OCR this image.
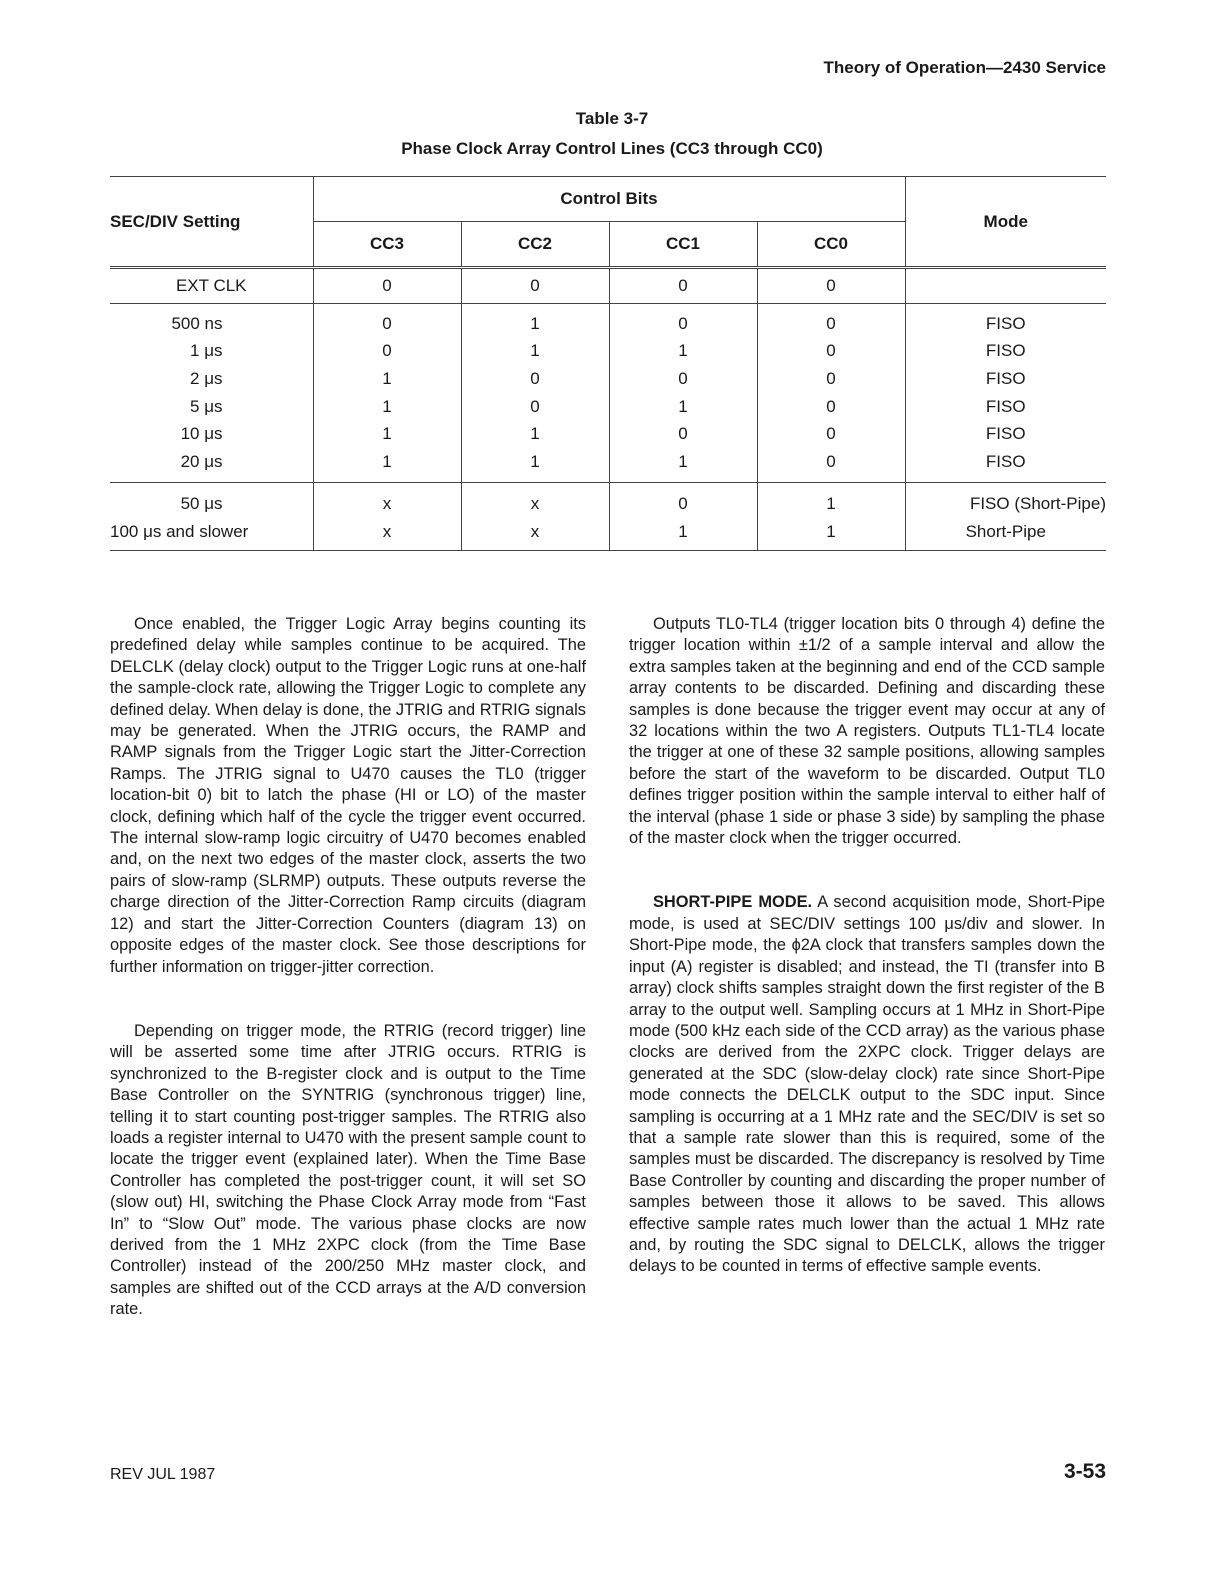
Theory of Operation—2430 Service
Table 3-7
Phase Clock Array Control Lines (CC3 through CC0)
SEC/DIV Setting	Control Bits				Mode
	CC3	CC2	CC1	CC0	
EXT CLK	0	0	0	0	
500 ns	0	1	0	0	FISO
1 μs	0	1	1	0	FISO
2 μs	1	0	0	0	FISO
5 μs	1	0	1	0	FISO
10 μs	1	1	0	0	FISO
20 μs	1	1	1	0	FISO
50 μs	x	x	0	1	FISO (Short-Pipe)
100 μs and slower	x	x	1	1	Short-Pipe

Once enabled, the Trigger Logic Array begins counting its predefined delay while samples continue to be acquired. The DELCLK (delay clock) output to the Trigger Logic runs at one-half the sample-clock rate, allowing the Trigger Logic to complete any defined delay. When delay is done, the JTRIG and RTRIG signals may be generated. When the JTRIG occurs, the RAMP and RAMP signals from the Trigger Logic start the Jitter-Correction Ramps. The JTRIG signal to U470 causes the TL0 (trigger location-bit 0) bit to latch the phase (HI or LO) of the master clock, defining which half of the cycle the trigger event occurred. The internal slow-ramp logic circuitry of U470 becomes enabled and, on the next two edges of the master clock, asserts the two pairs of slow-ramp (SLRMP) outputs. These outputs reverse the charge direction of the Jitter-Correction Ramp circuits (diagram 12) and start the Jitter-Correction Counters (diagram 13) on opposite edges of the master clock. See those descriptions for further information on trigger-jitter correction.

Depending on trigger mode, the RTRIG (record trigger) line will be asserted some time after JTRIG occurs. RTRIG is synchronized to the B-register clock and is output to the Time Base Controller on the SYNTRIG (synchronous trigger) line, telling it to start counting post-trigger samples. The RTRIG also loads a register internal to U470 with the present sample count to locate the trigger event (explained later). When the Time Base Controller has completed the post-trigger count, it will set SO (slow out) HI, switching the Phase Clock Array mode from “Fast In” to “Slow Out” mode. The various phase clocks are now derived from the 1 MHz 2XPC clock (from the Time Base Controller) instead of the 200/250 MHz master clock, and samples are shifted out of the CCD arrays at the A/D conversion rate.

Outputs TL0-TL4 (trigger location bits 0 through 4) define the trigger location within ±1/2 of a sample interval and allow the extra samples taken at the beginning and end of the CCD sample array contents to be discarded. Defining and discarding these samples is done because the trigger event may occur at any of 32 locations within the two A registers. Outputs TL1-TL4 locate the trigger at one of these 32 sample positions, allowing samples before the start of the waveform to be discarded. Output TL0 defines trigger position within the sample interval to either half of the interval (phase 1 side or phase 3 side) by sampling the phase of the master clock when the trigger occurred.

SHORT-PIPE MODE. A second acquisition mode, Short-Pipe mode, is used at SEC/DIV settings 100 μs/div and slower. In Short-Pipe mode, the ϕ2A clock that transfers samples down the input (A) register is disabled; and instead, the TI (transfer into B array) clock shifts samples straight down the first register of the B array to the output well. Sampling occurs at 1 MHz in Short-Pipe mode (500 kHz each side of the CCD array) as the various phase clocks are derived from the 2XPC clock. Trigger delays are generated at the SDC (slow-delay clock) rate since Short-Pipe mode connects the DELCLK output to the SDC input. Since sampling is occurring at a 1 MHz rate and the SEC/DIV is set so that a sample rate slower than this is required, some of the samples must be discarded. The discrepancy is resolved by Time Base Controller by counting and discarding the proper number of samples between those it allows to be saved. This allows effective sample rates much lower than the actual 1 MHz rate and, by routing the SDC signal to DELCLK, allows the trigger delays to be counted in terms of effective sample events.

REV JUL 1987	3-53
